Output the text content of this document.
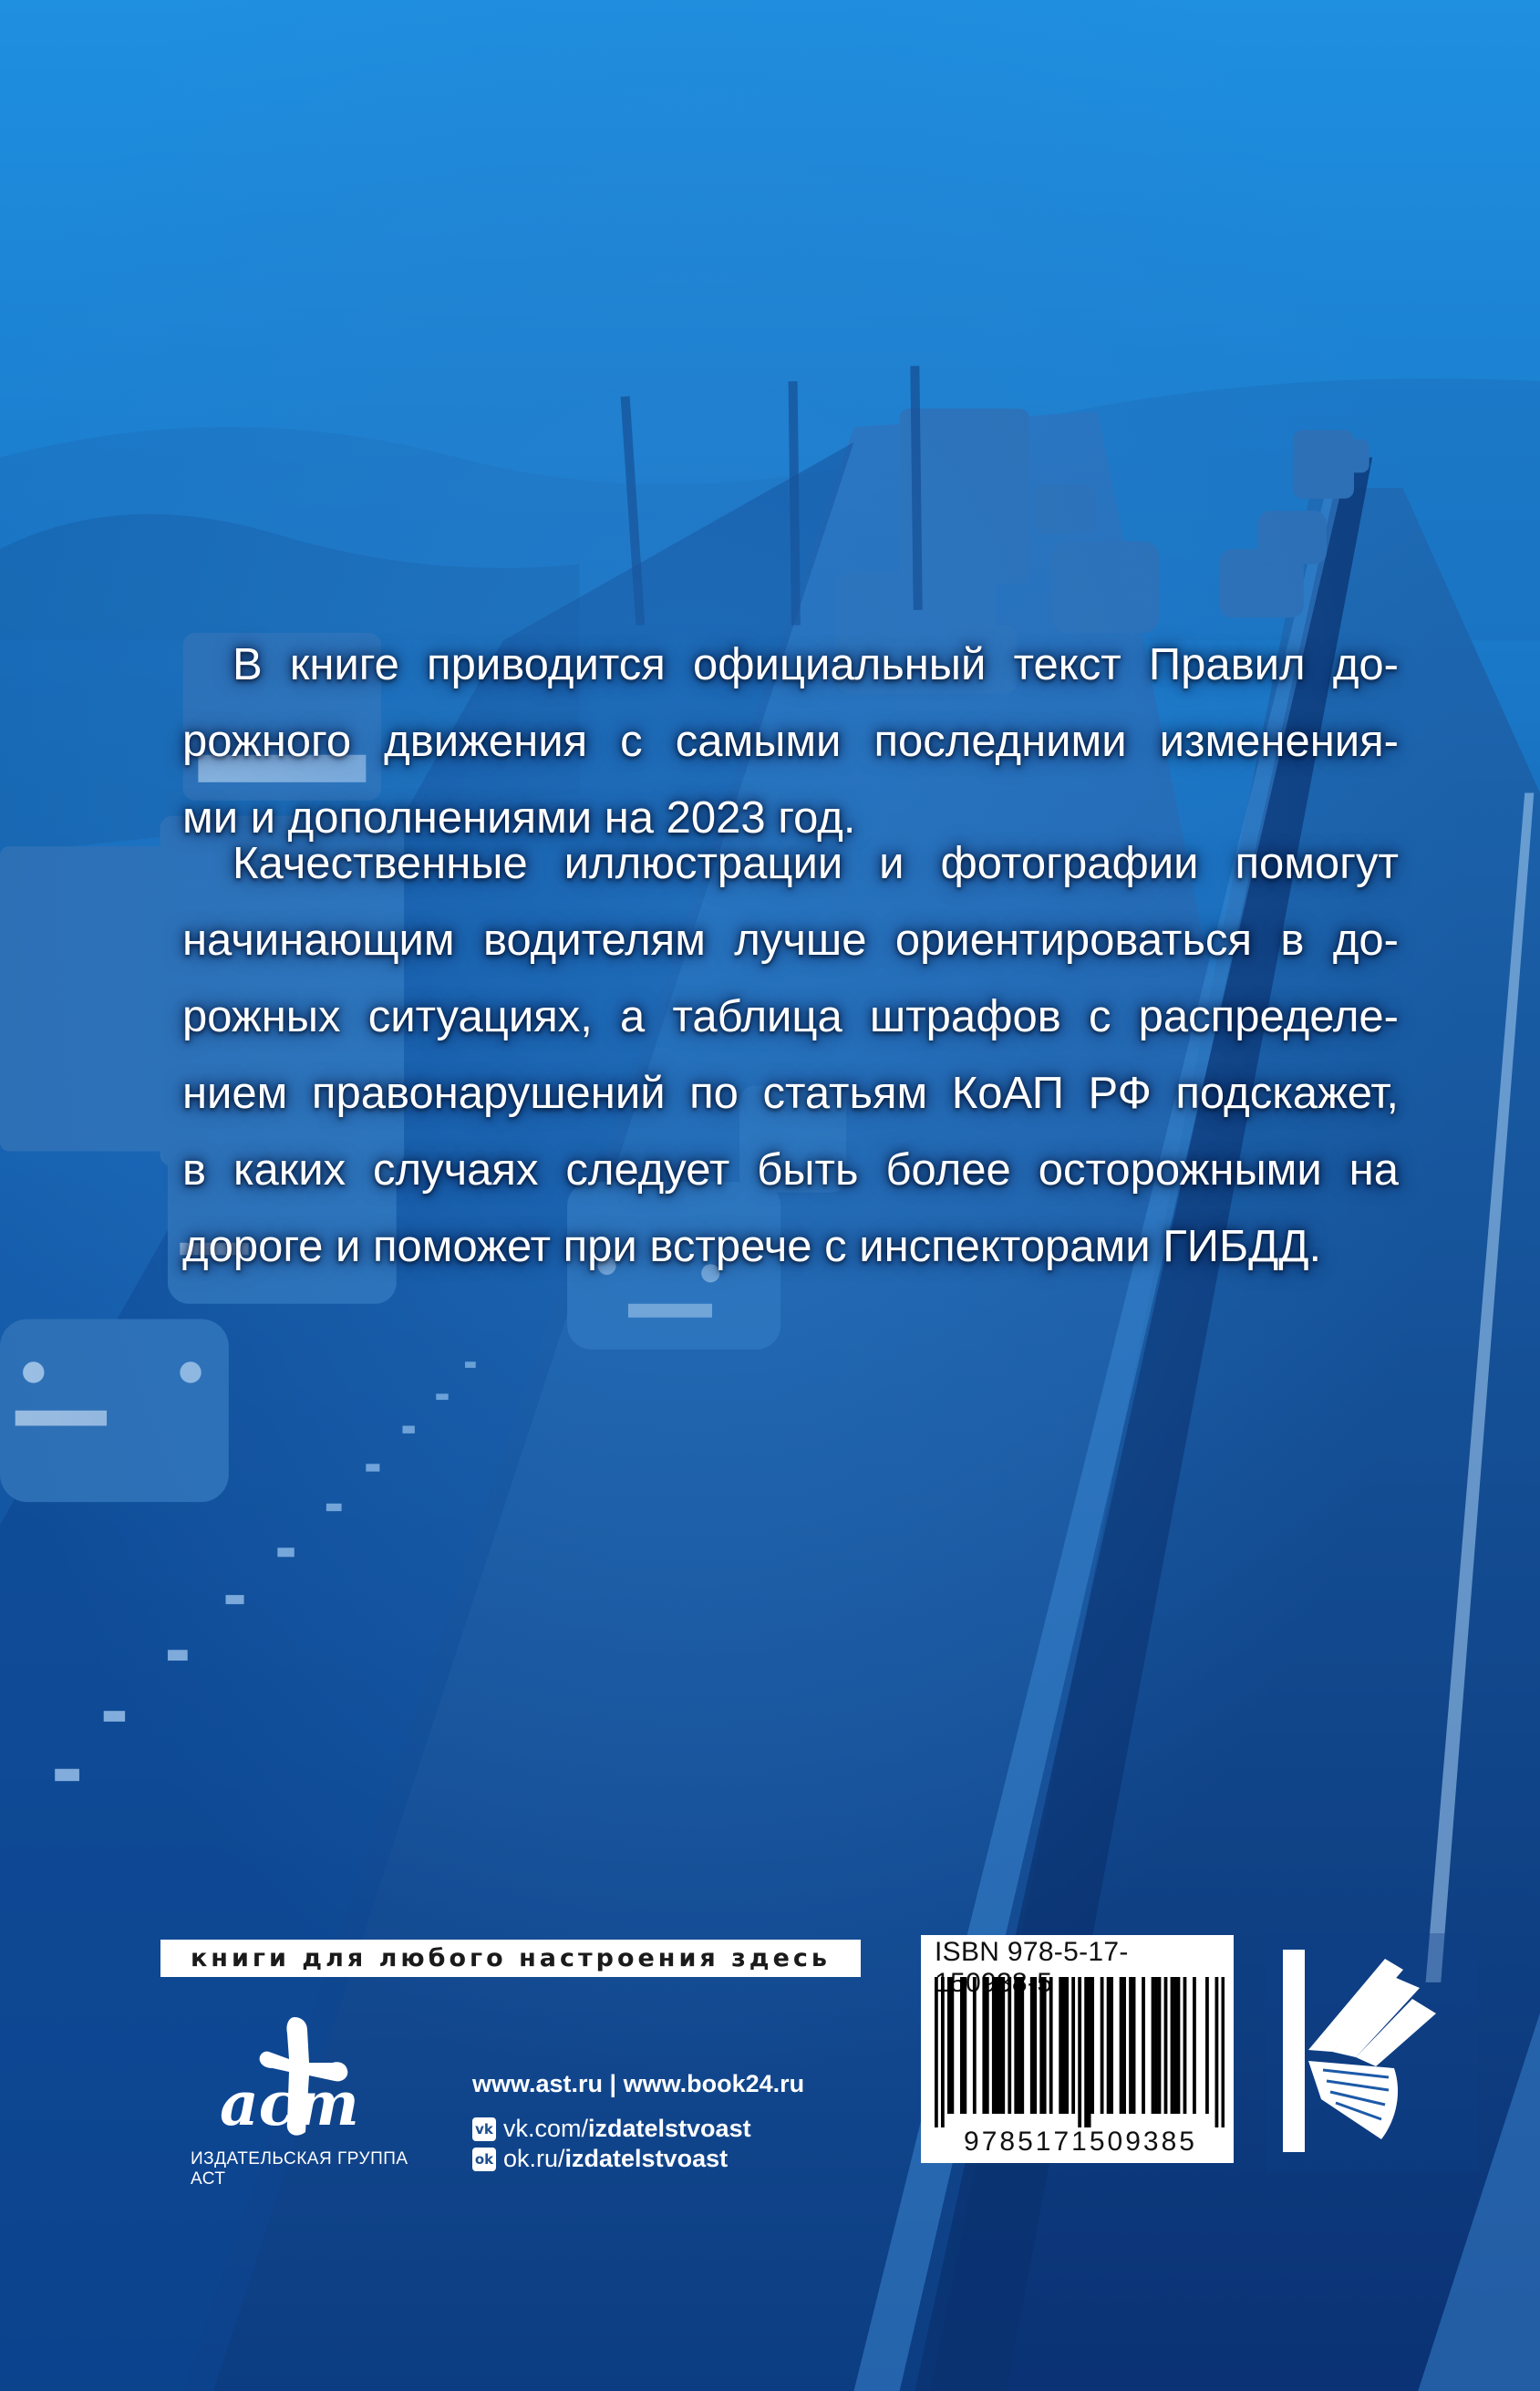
В книге приводится официальный текст Правил до-
рожного движения с самыми последними изменения-
ми и дополнениями на 2023 год.

Качественные иллюстрации и фотографии помогут
начинающим водителям лучше ориентироваться в до-
рожных ситуациях, а таблица штрафов с распределе-
нием правонарушений по статьям КоАП РФ подскажет,
в каких случаях следует быть более осторожными на
дороге и поможет при встрече с инспекторами ГИБДД.

книги для любого настроения здесь
аст
ИЗДАТЕЛЬСКАЯ ГРУППА АСТ
www.ast.ru | www.book24.ru
vk vk.com/ izdatelstvoast
ok ok.ru/ izdatelstvoast
ISBN 978-5-17-150
9785171509385
